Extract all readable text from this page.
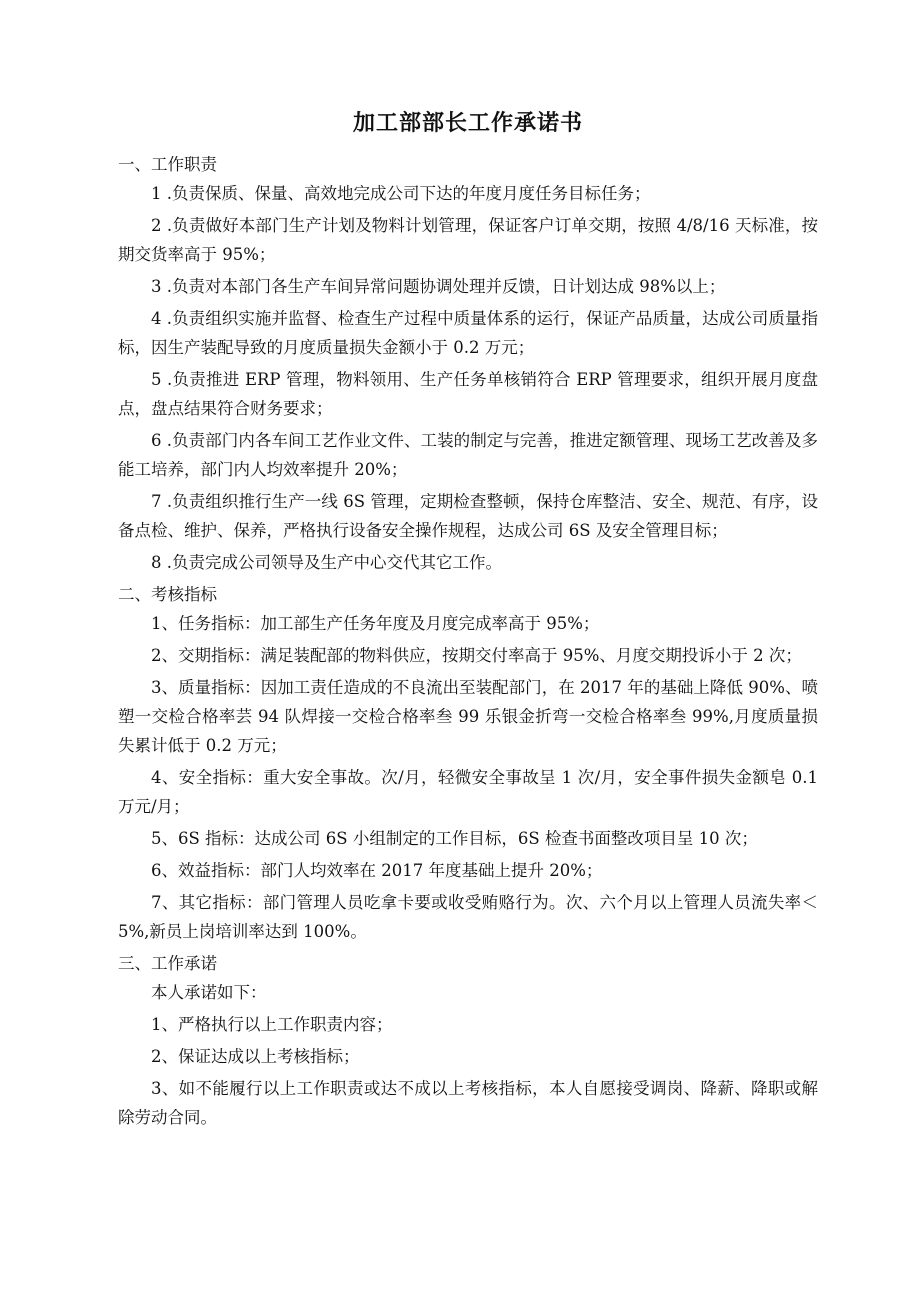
加工部部长工作承诺书

一、工作职责

1 .负责保质、保量、高效地完成公司下达的年度月度任务目标任务；

2 .负责做好本部门生产计划及物料计划管理，保证客户订单交期，按照 4/8/16 天标准，按期交货率高于 95%；

3 .负责对本部门各生产车间异常问题协调处理并反馈，日计划达成 98%以上；

4 .负责组织实施并监督、检查生产过程中质量体系的运行，保证产品质量，达成公司质量指标，因生产装配导致的月度质量损失金额小于 0.2 万元；

5 .负责推进 ERP 管理，物料领用、生产任务单核销符合 ERP 管理要求，组织开展月度盘点，盘点结果符合财务要求；

6 .负责部门内各车间工艺作业文件、工装的制定与完善，推进定额管理、现场工艺改善及多能工培养，部门内人均效率提升 20%；

7 .负责组织推行生产一线 6S 管理，定期检查整顿，保持仓库整洁、安全、规范、有序，设备点检、维护、保养，严格执行设备安全操作规程，达成公司 6S 及安全管理目标；

8 .负责完成公司领导及生产中心交代其它工作。

二、考核指标

1、任务指标：加工部生产任务年度及月度完成率高于 95%；

2、交期指标：满足装配部的物料供应，按期交付率高于 95%、月度交期投诉小于 2 次；

3、质量指标：因加工责任造成的不良流出至装配部门，在 2017 年的基础上降低 90%、喷塑一交检合格率芸 94 队焊接一交检合格率叁 99 乐银金折弯一交检合格率叁 99%,月度质量损失累计低于 0.2 万元；

4、安全指标：重大安全事故。次/月，轻微安全事故呈 1 次/月，安全事件损失金额皂 0.1 万元/月；

5、6S 指标：达成公司 6S 小组制定的工作目标，6S 检查书面整改项目呈 10 次；

6、效益指标：部门人均效率在 2017 年度基础上提升 20%；

7、其它指标：部门管理人员吃拿卡要或收受贿赂行为。次、六个月以上管理人员流失率＜5%,新员上岗培训率达到 100%。

三、工作承诺

本人承诺如下：

1、严格执行以上工作职责内容；

2、保证达成以上考核指标；

3、如不能履行以上工作职责或达不成以上考核指标，本人自愿接受调岗、降薪、降职或解除劳动合同。
